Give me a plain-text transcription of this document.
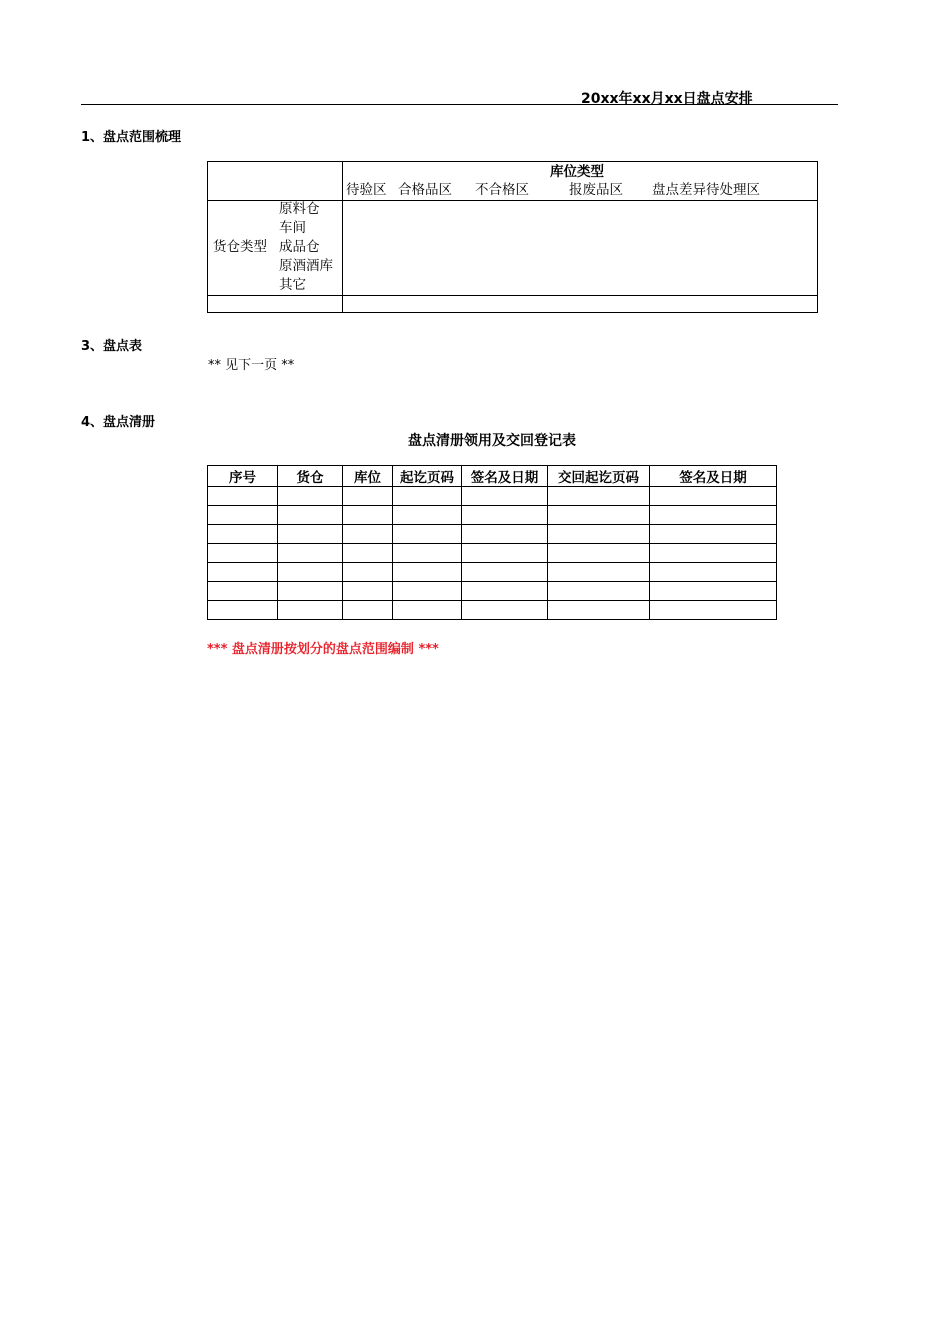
20xx年xx月xx日盘点安排
1、盘点范围梳理
库位类型
待验区 合格品区 不合格区	报废品区 盘点差异待处理区
货仓类型
原料仓
车间
成品仓
原酒酒库
其它
3、盘点表
** 见下一页 **
4、盘点清册
盘点清册领用及交回登记表
序号	货仓	库位	起讫页码	签名及日期	交回起讫页码	签名及日期

*** 盘点清册按划分的盘点范围编制 ***
